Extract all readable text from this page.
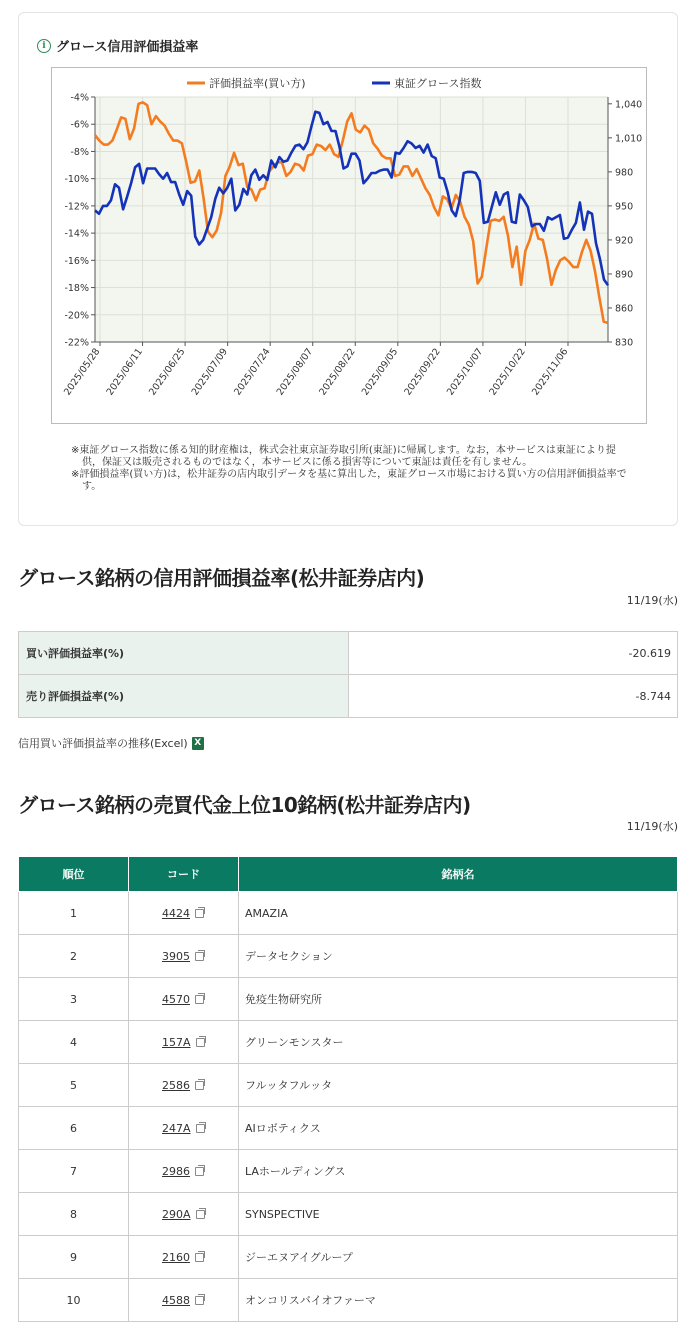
i グロース信用評価損益率
-4%
-6%
-8%
-10%
-12%
-14%
-16%
-18%
-20%
-22%
1,040
1,010
980
950
920
890
860
830
2025/05/28 2025/06/11 2025/06/25 2025/07/09 2025/07/24 2025/08/07 2025/08/22 2025/09/05 2025/09/22 2025/10/07 2025/10/22 2025/11/06
評価損益率(買い方)	東証グロース指数

※東証グロース指数に係る知的財産権は，株式会社東京証券取引所(東証)に帰属します。なお，本サービスは東証により提供，保証又は販売されるものではなく，本サービスに係る損害等について東証は責任を有しません。

※評価損益率(買い方)は，松井証券の店内取引データを基に算出した，東証グロース市場における買い方の信用評価損益率です。

グロース銘柄の信用評価損益率(松井証券店内)
11/19(水)
買い評価損益率(%)	-20.619
売り評価損益率(%)	-8.744
信用買い評価損益率の推移(Excel) X
グロース銘柄の売買代金上位10銘柄(松井証券店内)
11/19(水)
順位	コード	銘柄名
1	4424	AMAZIA
2	3905	データセクション
3	4570	免疫生物研究所
4	157A	グリーンモンスター
5	2586	フルッタフルッタ
6	247A	AIロボティクス
7	2986	LAホールディングス
8	290A	SYNSPECTIVE
9	2160	ジーエヌアイグループ
10	4588	オンコリスバイオファーマ
